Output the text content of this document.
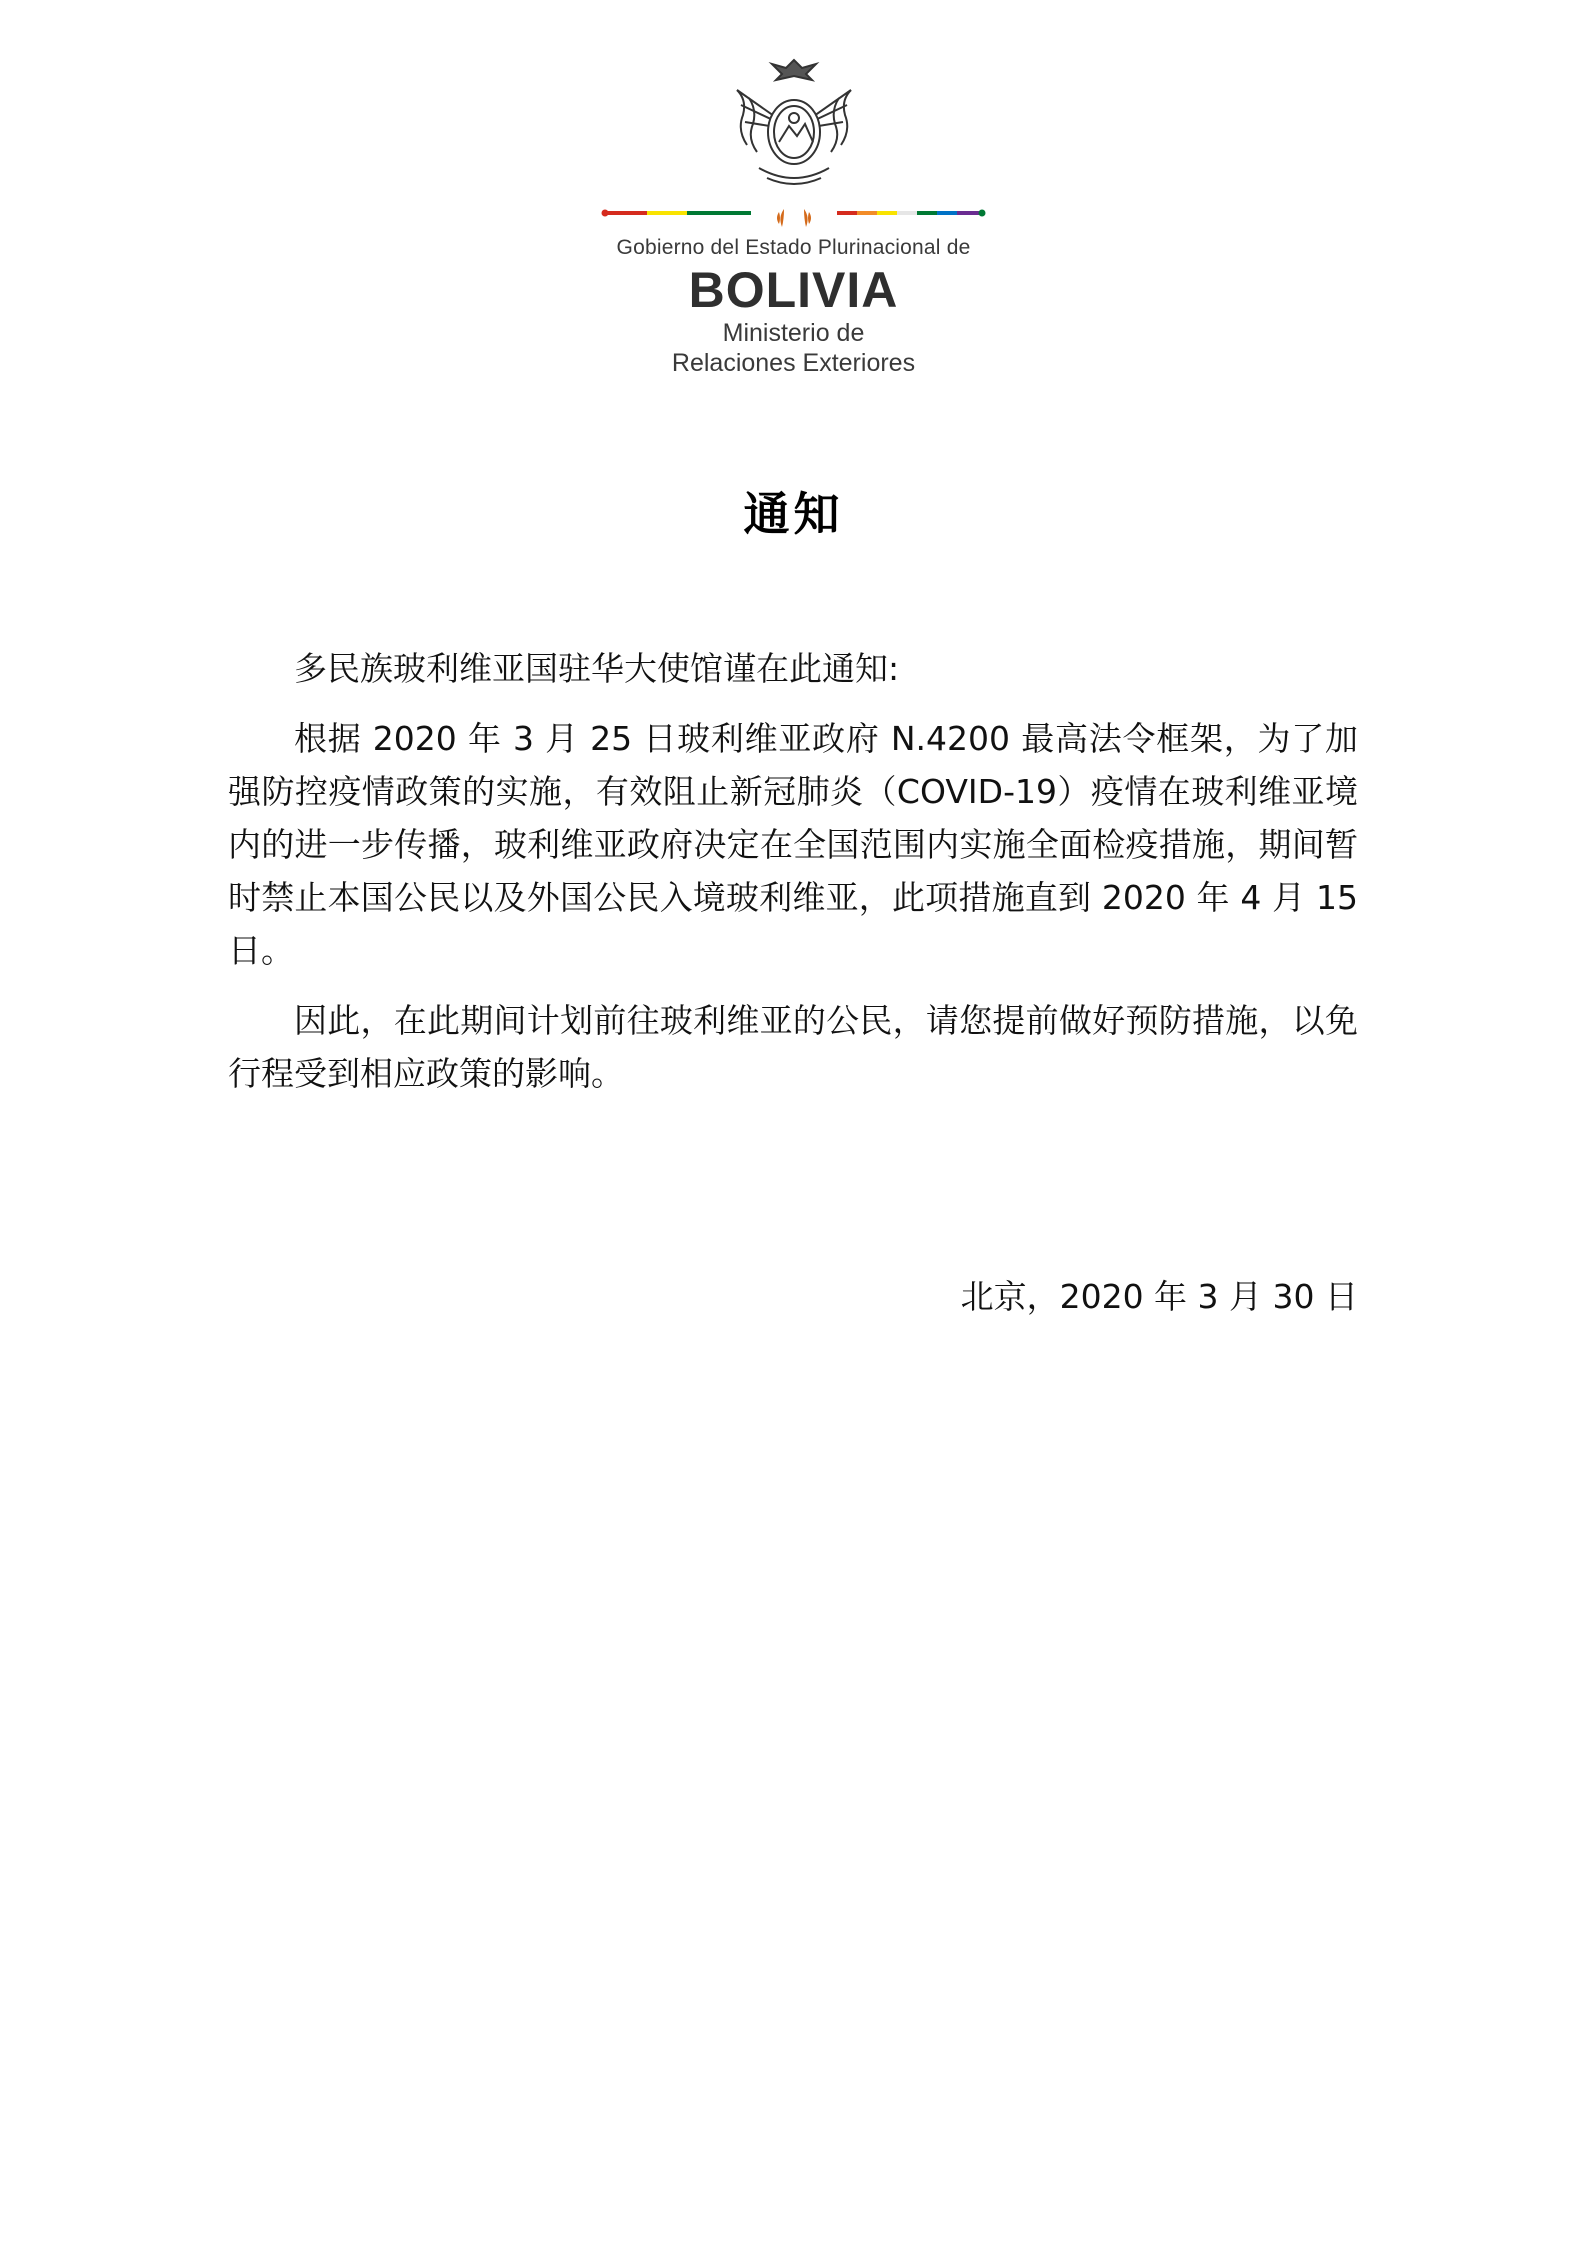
Gobierno del Estado Plurinacional de
BOLIVIA
Ministerio de
Relaciones Exteriores
通知

多民族玻利维亚国驻华大使馆谨在此通知:

根据 2020 年 3 月 25 日玻利维亚政府 N.4200 最高法令框架，为了加强防控疫情政策的实施，有效阻止新冠肺炎（COVID-19）疫情在玻利维亚境内的进一步传播，玻利维亚政府决定在全国范围内实施全面检疫措施，期间暂时禁止本国公民以及外国公民入境玻利维亚，此项措施直到 2020 年 4 月 15 日。

因此，在此期间计划前往玻利维亚的公民，请您提前做好预防措施，以免行程受到相应政策的影响。

北京，2020 年 3 月 30 日
